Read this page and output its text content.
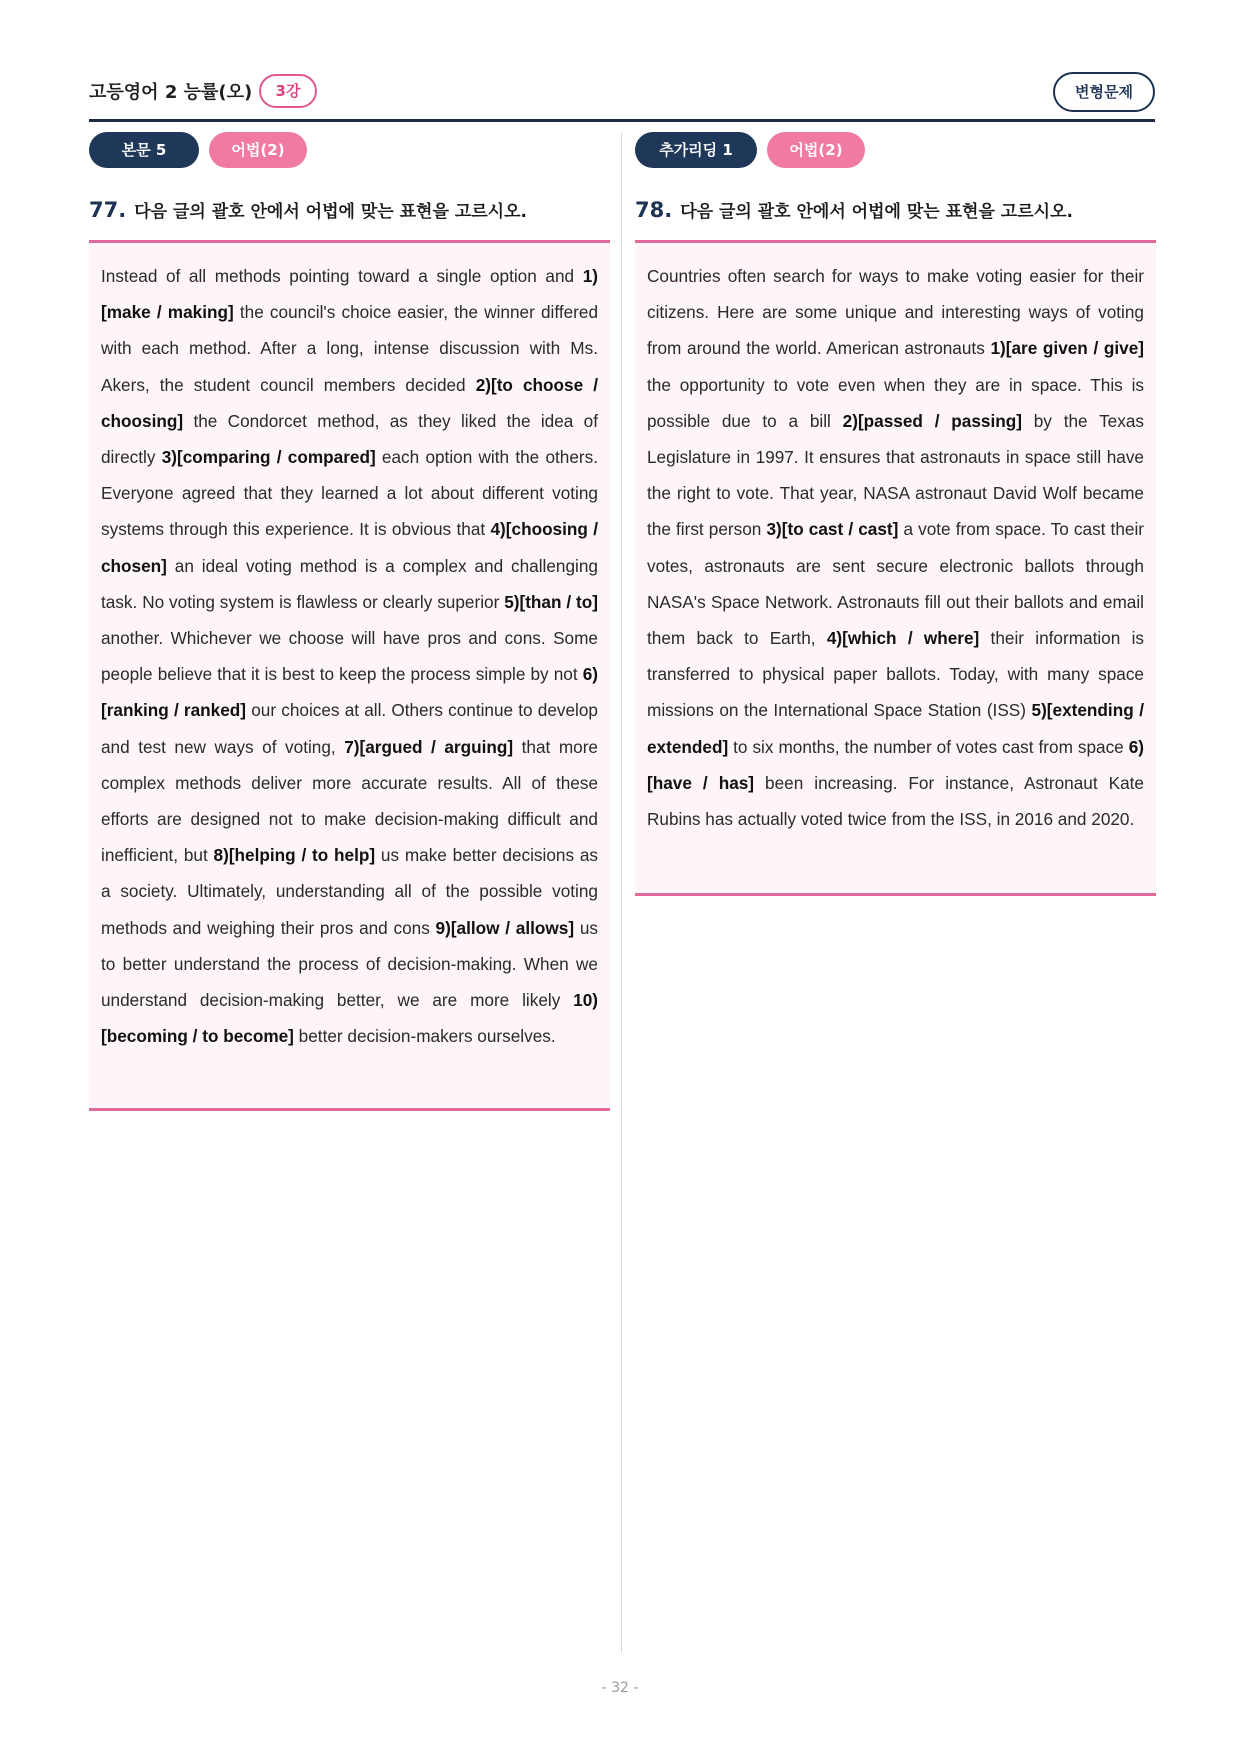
고등영어 2 능률(오)	3강	변형문제
본문 5	어법(2)
77. 다음 글의 괄호 안에서 어법에 맞는 표현을 고르시오.

Instead of all methods pointing toward a single option and 1)[make / making] the council's choice easier, the winner differed with each method. After a long, intense discussion with Ms. Akers, the student council members decided 2)[to choose / choosing] the Condorcet method, as they liked the idea of directly 3)[comparing / compared] each option with the others. Everyone agreed that they learned a lot about different voting systems through this experience. It is obvious that 4)[choosing / chosen] an ideal voting method is a complex and challenging task. No voting system is flawless or clearly superior 5)[than / to] another. Whichever we choose will have pros and cons. Some people believe that it is best to keep the process simple by not 6)[ranking / ranked] our choices at all. Others continue to develop and test new ways of voting, 7)[argued / arguing] that more complex methods deliver more accurate results. All of these efforts are designed not to make decision-making difficult and inefficient, but 8)[helping / to help] us make better decisions as a society. Ultimately, understanding all of the possible voting methods and weighing their pros and cons 9)[allow / allows] us to better understand the process of decision-making. When we understand decision-making better, we are more likely 10)[becoming / to become] better decision-makers ourselves.

추가리딩 1	어법(2)
78. 다음 글의 괄호 안에서 어법에 맞는 표현을 고르시오.

Countries often search for ways to make voting easier for their citizens. Here are some unique and interesting ways of voting from around the world. American astronauts 1)[are given / give] the opportunity to vote even when they are in space. This is possible due to a bill 2)[passed / passing] by the Texas Legislature in 1997. It ensures that astronauts in space still have the right to vote. That year, NASA astronaut David Wolf became the first person 3)[to cast / cast] a vote from space. To cast their votes, astronauts are sent secure electronic ballots through NASA's Space Network. Astronauts fill out their ballots and email them back to Earth, 4)[which / where] their information is transferred to physical paper ballots. Today, with many space missions on the International Space Station (ISS) 5)[extending / extended] to six months, the number of votes cast from space 6)[have / has] been increasing. For instance, Astronaut Kate Rubins has actually voted twice from the ISS, in 2016 and 2020.

- 32 -
